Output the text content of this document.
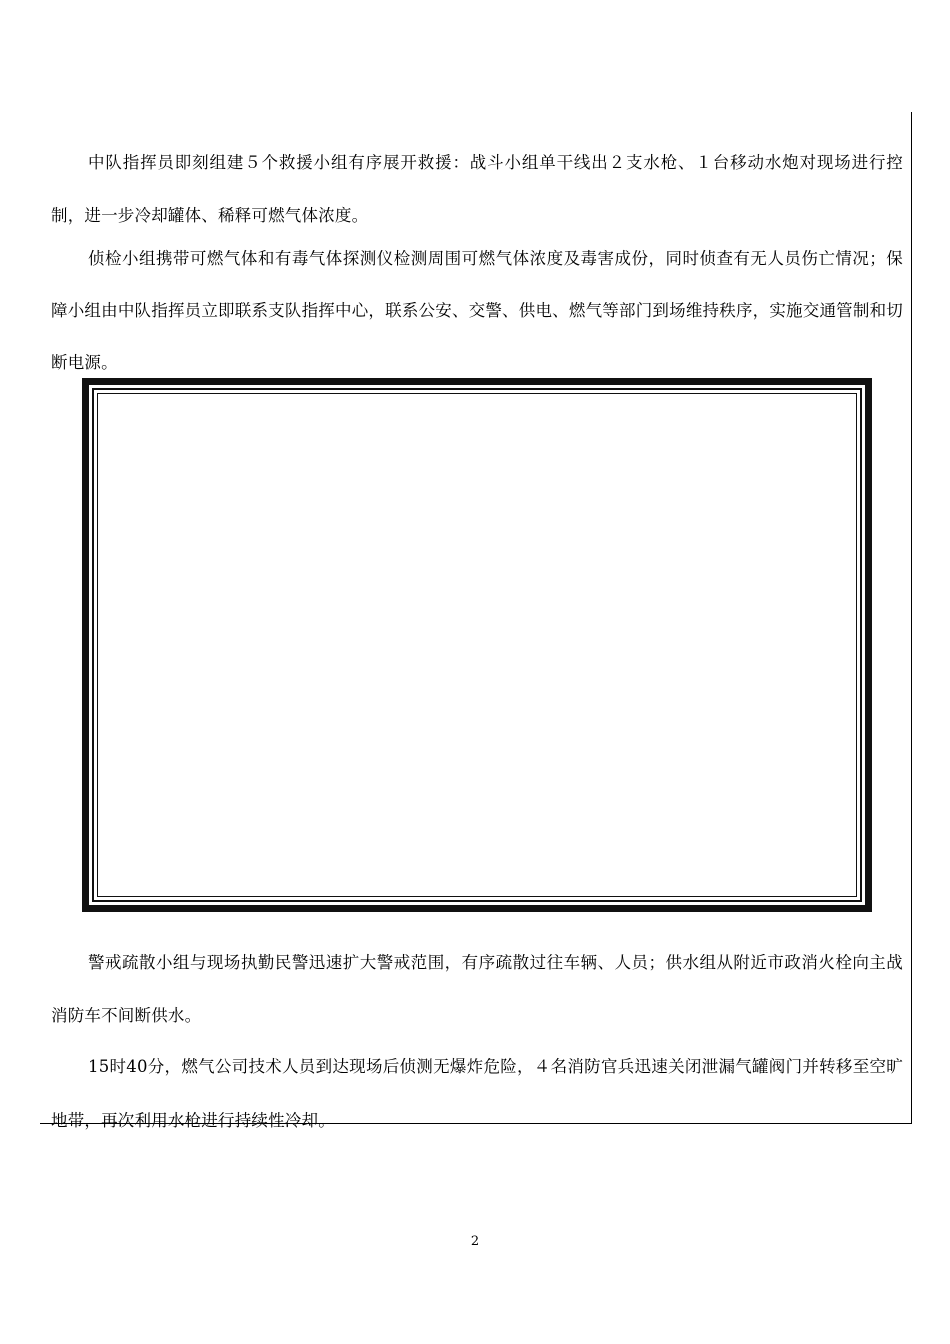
中队指挥员即刻组建５个救援小组有序展开救援：战斗小组单干线出２支水枪、１台移动水炮对现场进行控制，进一步冷却罐体、稀释可燃气体浓度。

侦检小组携带可燃气体和有毒气体探测仪检测周围可燃气体浓度及毒害成份，同时侦查有无人员伤亡情况；保障小组由中队指挥员立即联系支队指挥中心，联系公安、交警、供电、燃气等部门到场维持秩序，实施交通管制和切断电源。

警戒疏散小组与现场执勤民警迅速扩大警戒范围，有序疏散过往车辆、人员；供水组从附近市政消火栓向主战消防车不间断供水。

15时40分，燃气公司技术人员到达现场后侦测无爆炸危险，４名消防官兵迅速关闭泄漏气罐阀门并转移至空旷地带，再次利用水枪进行持续性冷却。

2
